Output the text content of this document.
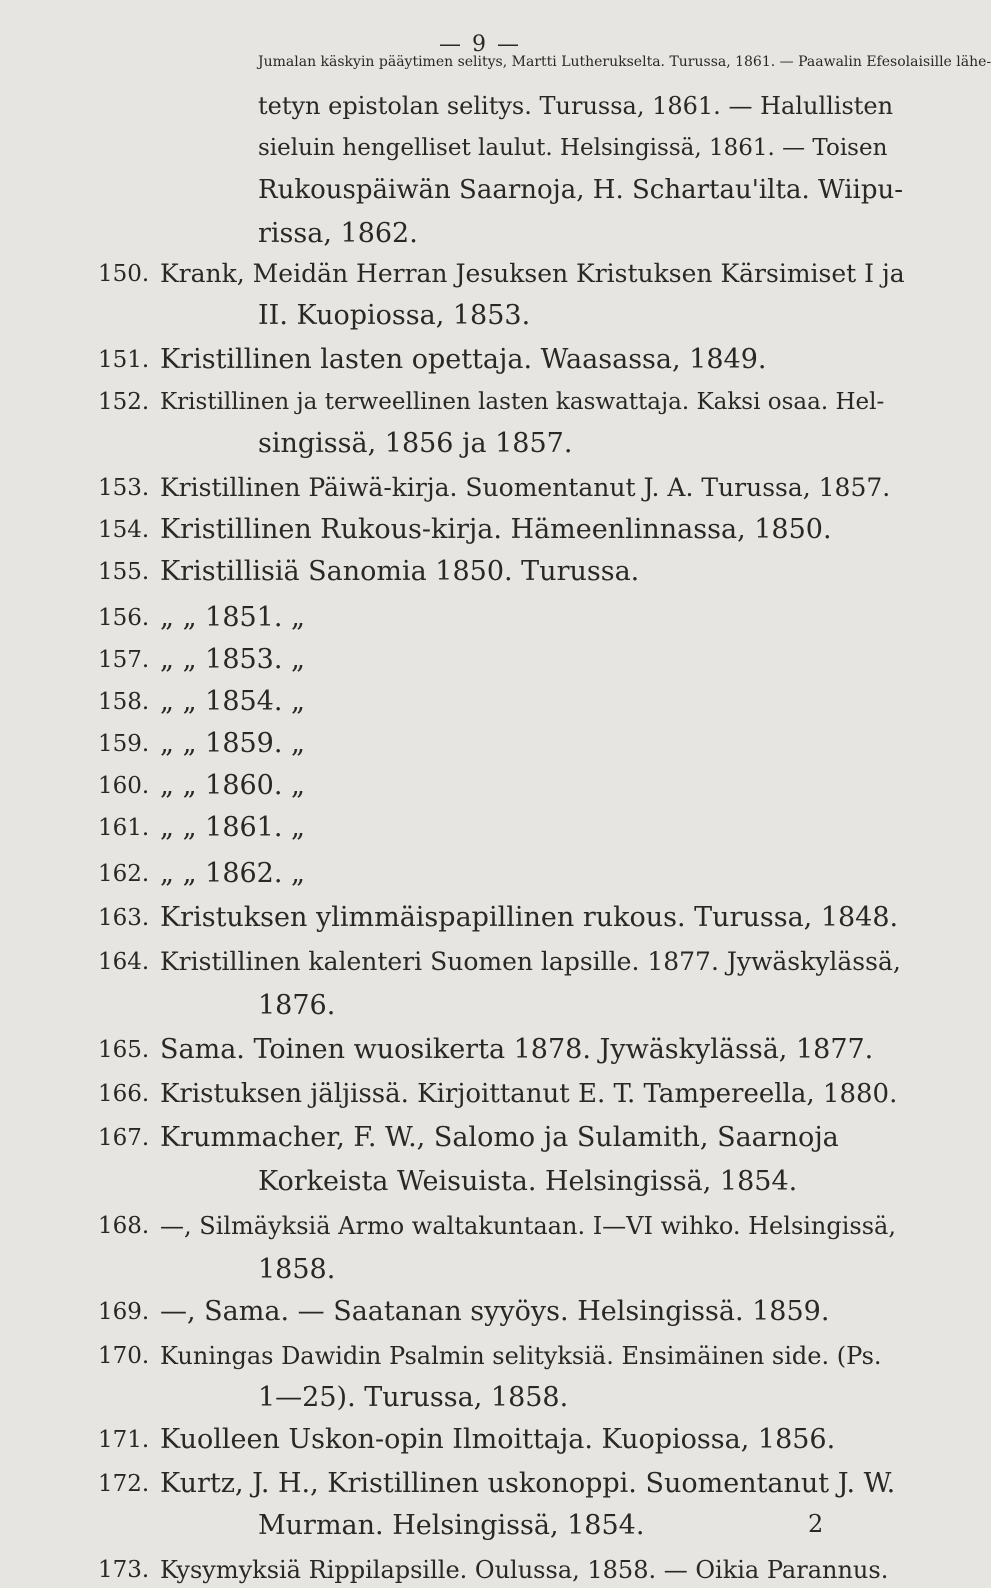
— 9 —
Jumalan käskyin pääytimen selitys, Martti Lutherukselta. Turussa, 1861. — Paawalin Efesolaisille lähe-
tetyn epistolan selitys. Turussa, 1861. — Halullisten
sieluin hengelliset laulut. Helsingissä, 1861. — Toisen
Rukouspäiwän Saarnoja, H. Schartau'ilta. Wiipu-
rissa, 1862.
150. Krank, Meidän Herran Jesuksen Kristuksen Kärsimiset I ja
II. Kuopiossa, 1853.
151. Kristillinen lasten opettaja. Waasassa, 1849.
152. Kristillinen ja terweellinen lasten kaswattaja. Kaksi osaa. Hel-
singissä, 1856 ja 1857.
153. Kristillinen Päiwä-kirja. Suomentanut J. A. Turussa, 1857.
154. Kristillinen Rukous-kirja. Hämeenlinnassa, 1850.
155. Kristillisiä Sanomia 1850. Turussa.
156. „ „ 1851. „
157. „ „ 1853. „
158. „ „ 1854. „
159. „ „ 1859. „
160. „ „ 1860. „
161. „ „ 1861. „
162. „ „ 1862. „
163. Kristuksen ylimmäispapillinen rukous. Turussa, 1848.
164. Kristillinen kalenteri Suomen lapsille. 1877. Jywäskylässä,
1876.
165. Sama. Toinen wuosikerta 1878. Jywäskylässä, 1877.
166. Kristuksen jäljissä. Kirjoittanut E. T. Tampereella, 1880.
167. Krummacher, F. W., Salomo ja Sulamith, Saarnoja
Korkeista Weisuista. Helsingissä, 1854.
168. —, Silmäyksiä Armo waltakuntaan. I—VI wihko. Helsingissä,
1858.
169. —, Sama. — Saatanan syyöys. Helsingissä. 1859.
170. Kuningas Dawidin Psalmin selityksiä. Ensimäinen side. (Ps.
1—25). Turussa, 1858.
171. Kuolleen Uskon-opin Ilmoittaja. Kuopiossa, 1856.
172. Kurtz, J. H., Kristillinen uskonoppi. Suomentanut J. W.
Murman. Helsingissä, 1854.
173. Kysymyksiä Rippilapsille. Oulussa, 1858. — Oikia Parannus.
2
